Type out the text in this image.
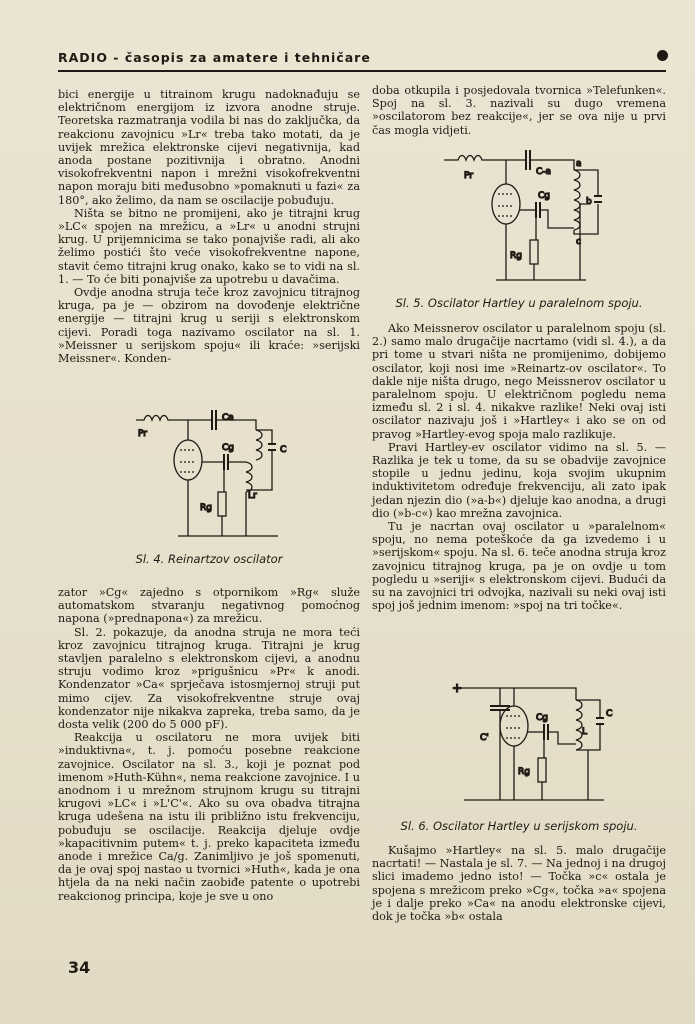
RADIO - časopis za amatere i tehničare

bici energije u titrainom krugu nadoknađuju se električnom energijom iz izvora anodne struje. Teoretska razmatranja vodila bi nas do zaključka, da reakcionu zavojnicu »Lr« treba tako motati, da je uvijek mrežica elektronske cijevi negativnija, kad anoda postane pozitivnija i obratno. Anodni visokofrekventni napon i mrežni visokofrekventni napon moraju biti međusobno »pomaknuti u fazi« za 180°, ako želimo, da nam se oscilacije pobuđuju.

Ništa se bitno ne promijeni, ako je titrajni krug »LC« spojen na mrežicu, a »Lr« u anodni strujni krug. U prijemnicima se tako ponajviše radi, ali ako želimo postići što veće visokofrekventne napone, stavit ćemo titrajni krug onako, kako se to vidi na sl. 1. — To će biti ponajviše za upotrebu u davačima.

Ovdje anodna struja teče kroz zavojnicu titrajnog kruga, pa je — obzirom na dovođenje električne energije — titrajni krug u seriji s elektronskom cijevi. Poradi toga nazivamo oscilator na sl. 1. »Meissner u serijskom spoju« ili kraće: »serijski Meissner«. Konden-

Pr
Ca
Cg
Lr
C
Rg
Sl. 4. Reinartzov oscilator

zator »Cg« zajedno s otpornikom »Rg« služe automatskom stvaranju negativnog pomoćnog napona (»prednapona«) za mrežicu.

Sl. 2. pokazuje, da anodna struja ne mora teći kroz zavojnicu titrajnog kruga. Titrajni je krug stavljen paralelno s elektronskom cijevi, a anodnu struju vodimo kroz »prigušnicu »Pr« k anodi. Kondenzator »Ca« sprječava istosmjernoj struji put mimo cijev. Za visokofrekventne struje ovaj kondenzator nije nikakva zapreka, treba samo, da je dosta velik (200 do 5 000 pF).

Reakcija u oscilatoru ne mora uvijek biti »induktivna«, t. j. pomoću posebne reakcione zavojnice. Oscilator na sl. 3., koji je poznat pod imenom »Huth-Kühn«, nema reakcione zavojnice. I u anodnom i u mrežnom strujnom krugu su titrajni krugovi »LC« i »L'C'«. Ako su ova obadva titrajna kruga udešena na istu ili približno istu frekvenciju, pobuđuju se oscilacije. Reakcija djeluje ovdje »kapacitivnim putem« t. j. preko kapaciteta između anode i mrežice Ca/g. Zanimljivo je još spomenuti, da je ovaj spoj nastao u tvornici »Huth«, kada je ona htjela da na neki način zaobiđe patente o upotrebi reakcionog principa, koje je sve u ono

doba otkupila i posjedovala tvornica »Telefunken«. Spoj na sl. 3. nazivali su dugo vremena »oscilatorom bez reakcije«, jer se ova nije u prvi čas mogla vidjeti.

Pr	C-a
a
Cg
b
c
Rg
Sl. 5. Oscilator Hartley u paralelnom spoju.

Ako Meissnerov oscilator u paralelnom spoju (sl. 2.) samo malo drugačije nacrtamo (vidi sl. 4.), a da pri tome u stvari ništa ne promijenimo, dobijemo oscilator, koji nosi ime »Reinartz-ov oscilator«. To dakle nije ništa drugo, nego Meissnerov oscilator u paralelnom spoju. U električnom pogledu nema između sl. 2 i sl. 4. nikakve razlike! Neki ovaj isti oscilator nazivaju još i »Hartley« i ako se on od pravog »Hartley-evog spoja malo razlikuje.

Pravi Hartley-ev oscilator vidimo na sl. 5. — Razlika je tek u tome, da su se obadvije zavojnice stopile u jednu jedinu, koja svojim ukupnim induktivitetom određuje frekvenciju, ali zato ipak jedan njezin dio (»a-b«) djeluje kao anodna, a drugi dio (»b-c«) kao mrežna zavojnica.

Tu je nacrtan ovaj oscilator u »paralelnom« spoju, no nema poteškoće da ga izvedemo i u »serijskom« spoju. Na sl. 6. teče anodna struja kroz zavojnicu titrajnog kruga, pa je on ovdje u tom pogledu u »seriji« s elektronskom cijevi. Budući da su na zavojnici tri odvojka, nazivali su neki ovaj isti spoj još jednim imenom: »spoj na tri točke«.

+
C'
Cg
L
C
Rg
Sl. 6. Oscilator Hartley u serijskom spoju.

Kušajmo »Hartley« na sl. 5. malo drugačije nacrtati! — Nastala je sl. 7. — Na jednoj i na drugoj slici imademo jedno isto! — Točka »c« ostala je spojena s mrežicom preko »Cg«, točka »a« spojena je i dalje preko »Ca« na anodu elektronske cijevi, dok je točka »b« ostala

34
